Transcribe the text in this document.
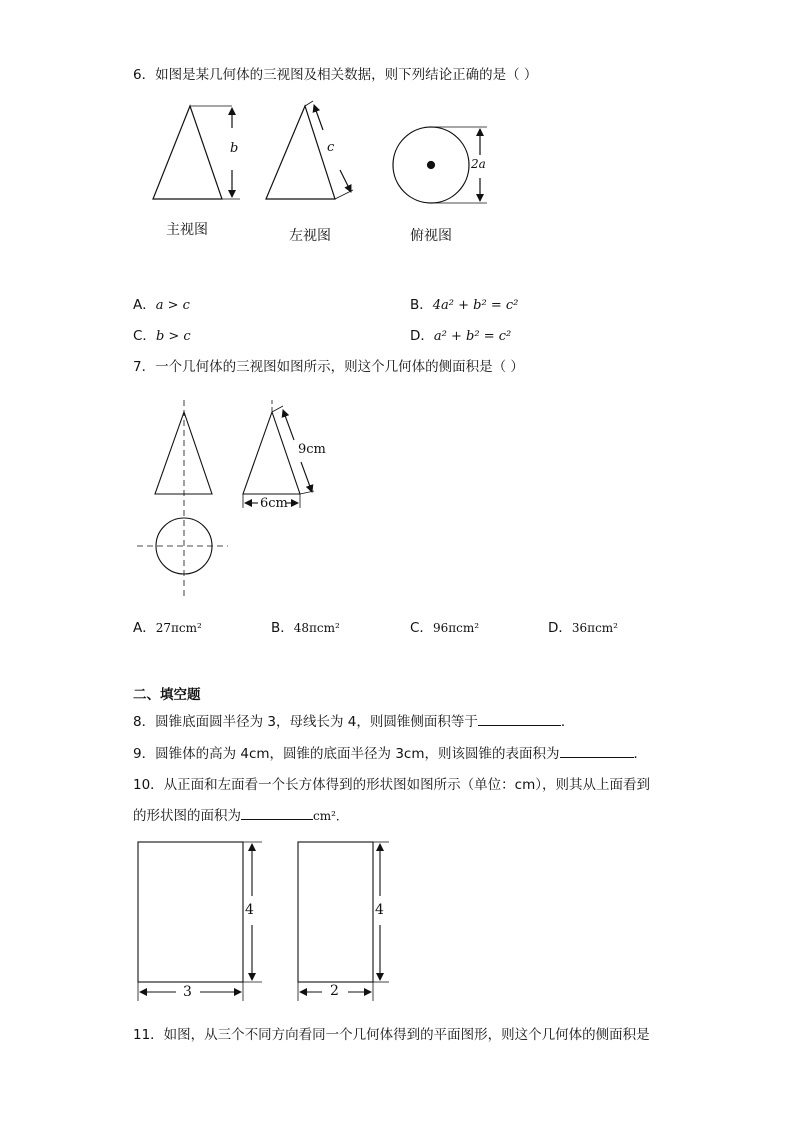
6．如图是某几何体的三视图及相关数据，则下列结论正确的是（ ）
b	c
2a
主视图	左视图	俯视图
A．a > c	B．4a² + b² = c²
C．b > c	D．a² + b² = c²
7．一个几何体的三视图如图所示，则这个几何体的侧面积是（ ）
9cm
6cm
A．27πcm²	B．48πcm²	C．96πcm²	D．36πcm²
二、填空题
8．圆锥底面圆半径为 3，母线长为 4，则圆锥侧面积等于	．
9．圆锥体的高为 4cm，圆锥的底面半径为 3cm，则该圆锥的表面积为	．
10．从正面和左面看一个长方体得到的形状图如图所示（单位：cm），则其从上面看到
的形状图的面积为	cm²．
4
3
4
2
11．如图，从三个不同方向看同一个几何体得到的平面图形，则这个几何体的侧面积是
